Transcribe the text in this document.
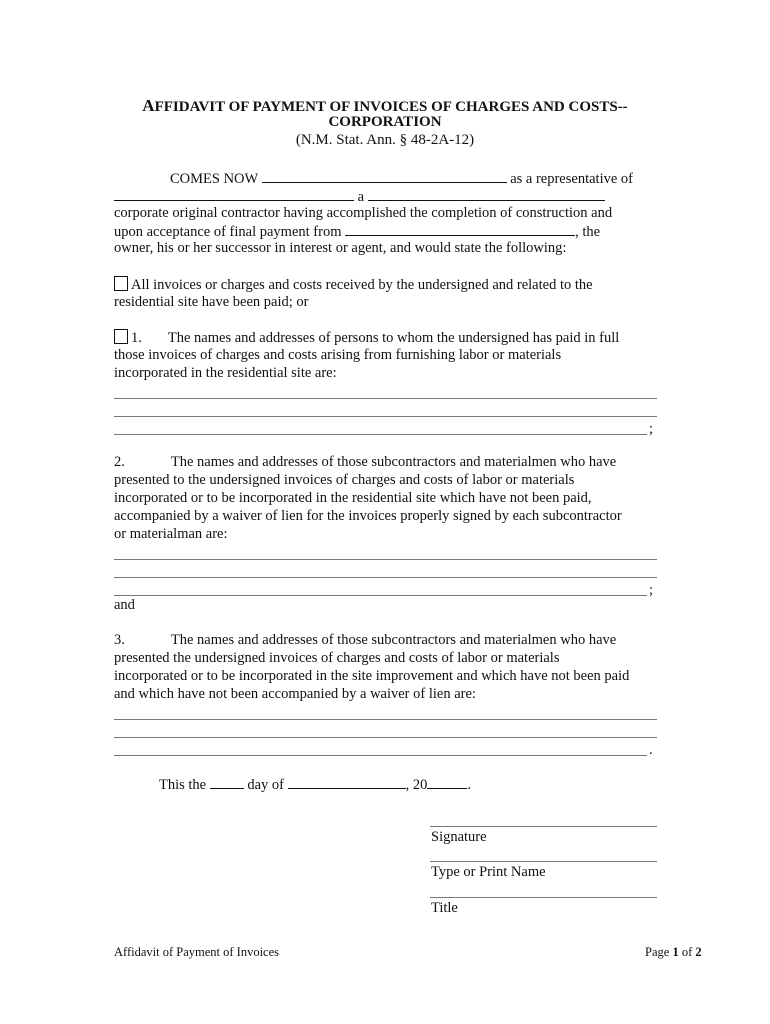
AFFIDAVIT OF PAYMENT OF INVOICES OF CHARGES AND COSTS--
CORPORATION
(N.M. Stat. Ann. § 48-2A-12)
COMES NOW	as a representative of
a
corporate original contractor having accomplished the completion of construction and
upon acceptance of final payment from	, the
owner, his or her successor in interest or agent, and would state the following:
All invoices or charges and costs received by the undersigned and related to the
residential site have been paid; or
1. The names and addresses of persons to whom the undersigned has paid in full
those invoices of charges and costs arising from furnishing labor or materials
incorporated in the residential site are:
;
2.	The names and addresses of those subcontractors and materialmen who have
presented to the undersigned invoices of charges and costs of labor or materials
incorporated or to be incorporated in the residential site which have not been paid,
accompanied by a waiver of lien for the invoices properly signed by each subcontractor
or materialman are:
;
and
3.	The names and addresses of those subcontractors and materialmen who have
presented the undersigned invoices of charges and costs of labor or materials
incorporated or to be incorporated in the site improvement and which have not been paid
and which have not been accompanied by a waiver of lien are:
.
This the	day of	, 20	.
Signature
Type or Print Name
Title
Affidavit of Payment of Invoices	Page 1 of 2
